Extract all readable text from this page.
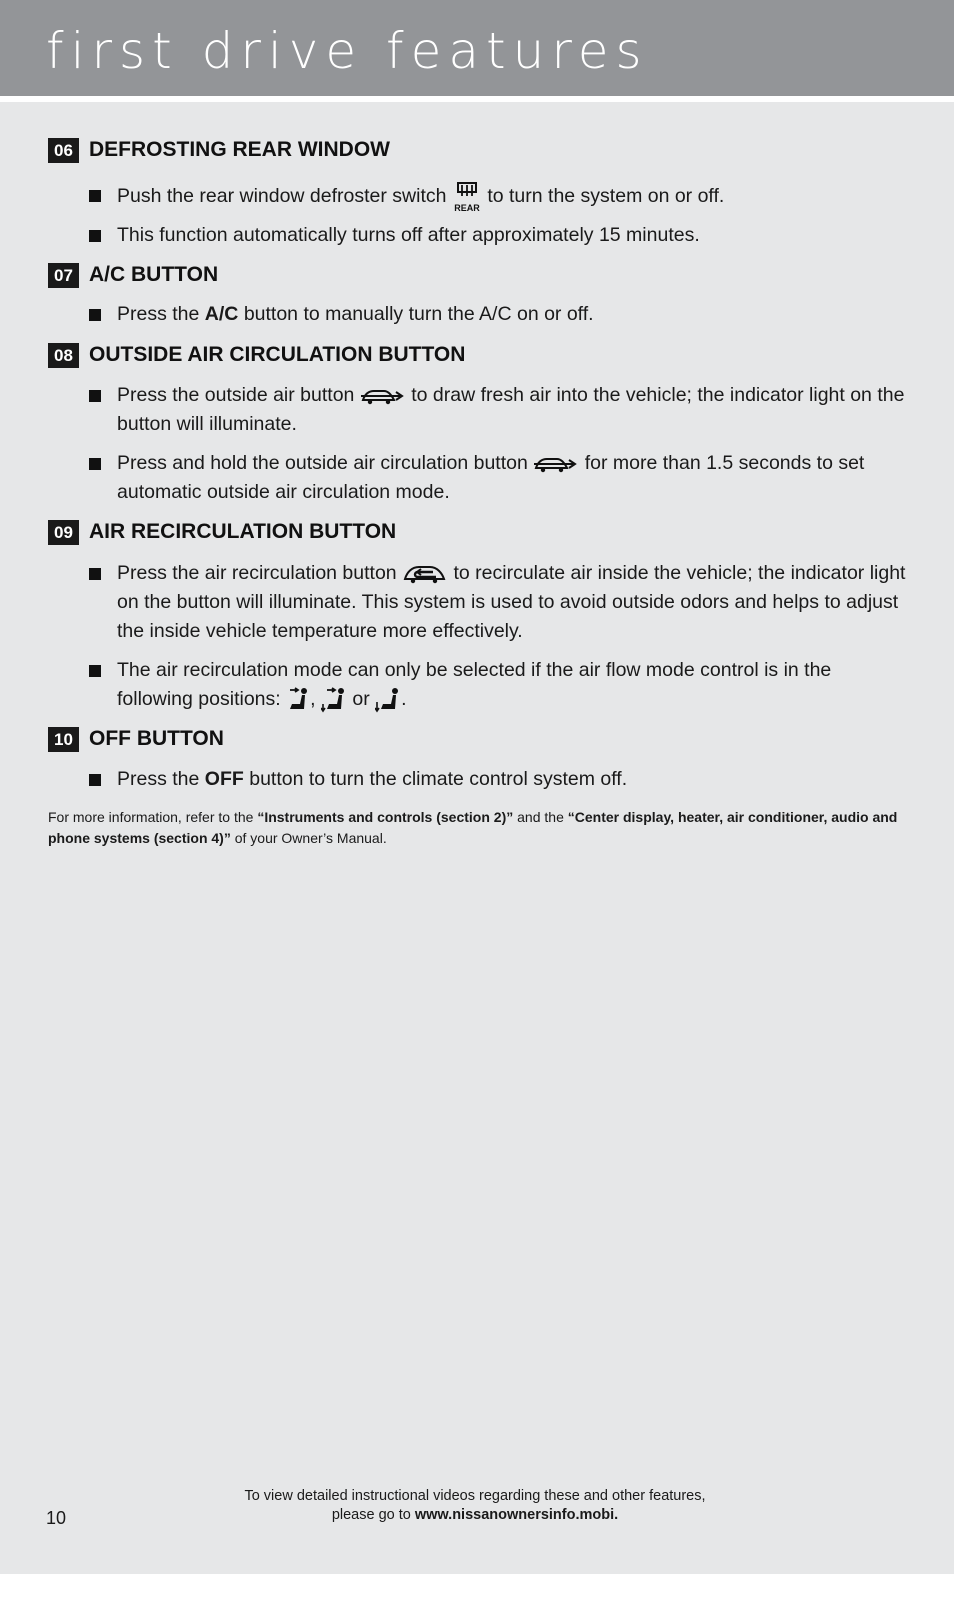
first drive features
06 DEFROSTING REAR WINDOW
Push the rear window defroster switch
REAR
to turn the system on or off.
This function automatically turns off after approximately 15 minutes.
07 A/C BUTTON
Press the A/C button to manually turn the A/C on or off.
08 OUTSIDE AIR CIRCULATION BUTTON
Press the outside air button	to draw fresh air into the vehicle; the indicator light on the button will illuminate.
Press and hold the outside air circulation button	for more than 1.5 seconds to set automatic outside air circulation mode.
09 AIR RECIRCULATION BUTTON
Press the air recirculation button	to recirculate air inside the vehicle; the indicator light on the button will illuminate. This system is used to avoid outside odors and helps to adjust the inside vehicle temperature more effectively.
The air recirculation mode can only be selected if the air flow mode control is in the following positions: , or .
10 OFF BUTTON
Press the OFF button to turn the climate control system off.
For more information, refer to the “Instruments and controls (section 2)” and the “Center display, heater, air conditioner, audio and phone systems (section 4)” of your Owner’s Manual.
To view detailed instructional videos regarding these and other features,
please go to www.nissanownersinfo.mobi.
10
